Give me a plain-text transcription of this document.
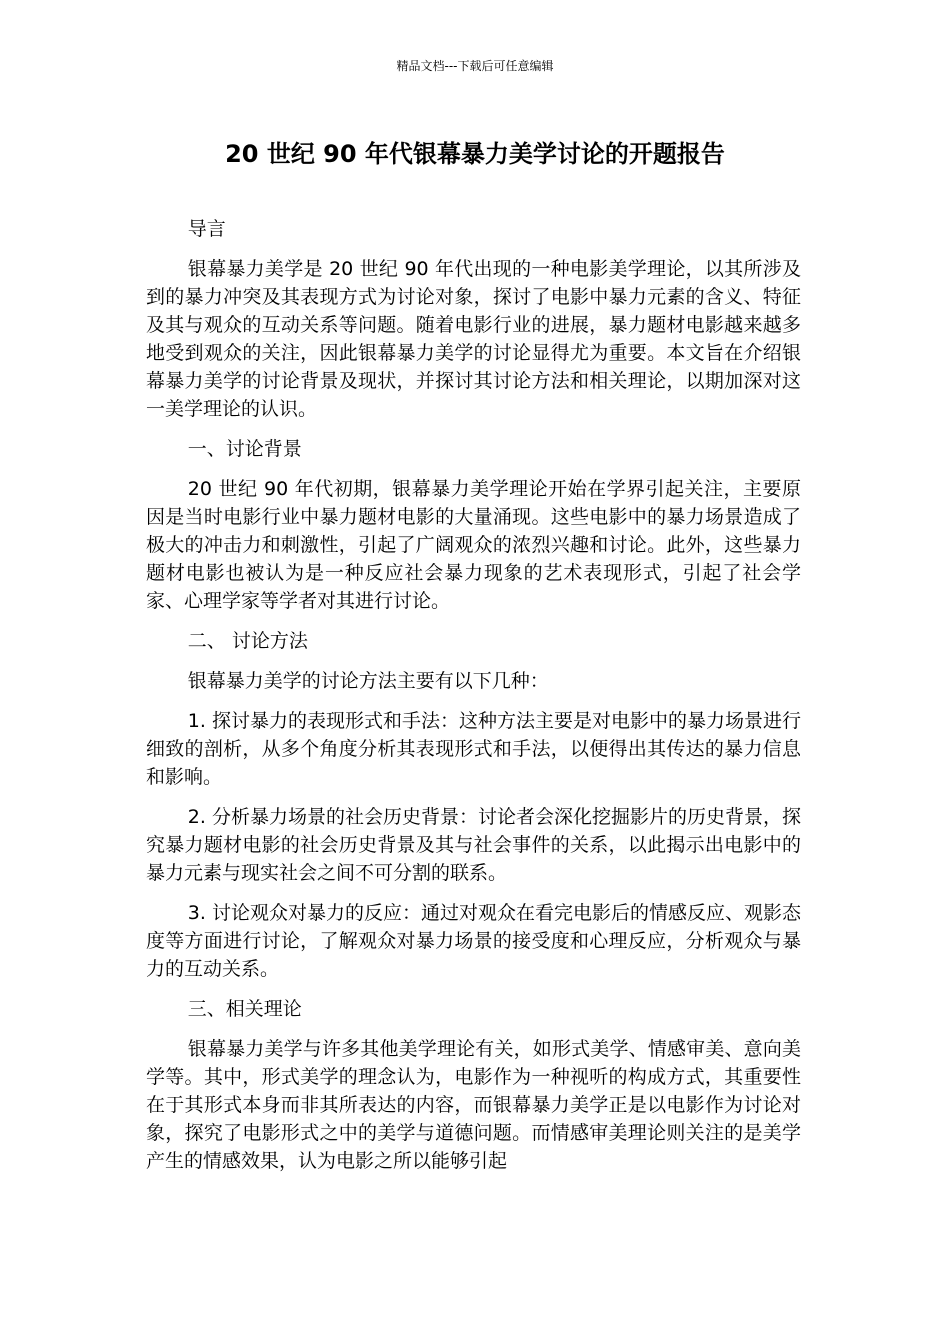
精品文档---下载后可任意编辑
20 世纪 90 年代银幕暴力美学讨论的开题报告

导言

银幕暴力美学是 20 世纪 90 年代出现的一种电影美学理论，以其所涉及到的暴力冲突及其表现方式为讨论对象，探讨了电影中暴力元素的含义、特征及其与观众的互动关系等问题。随着电影行业的进展，暴力题材电影越来越多地受到观众的关注，因此银幕暴力美学的讨论显得尤为重要。本文旨在介绍银幕暴力美学的讨论背景及现状，并探讨其讨论方法和相关理论，以期加深对这一美学理论的认识。

一、讨论背景

20 世纪 90 年代初期，银幕暴力美学理论开始在学界引起关注，主要原因是当时电影行业中暴力题材电影的大量涌现。这些电影中的暴力场景造成了极大的冲击力和刺激性，引起了广阔观众的浓烈兴趣和讨论。此外，这些暴力题材电影也被认为是一种反应社会暴力现象的艺术表现形式，引起了社会学家、心理学家等学者对其进行讨论。

二、 讨论方法

银幕暴力美学的讨论方法主要有以下几种：

1. 探讨暴力的表现形式和手法：这种方法主要是对电影中的暴力场景进行细致的剖析，从多个角度分析其表现形式和手法，以便得出其传达的暴力信息和影响。

2. 分析暴力场景的社会历史背景：讨论者会深化挖掘影片的历史背景，探究暴力题材电影的社会历史背景及其与社会事件的关系，以此揭示出电影中的暴力元素与现实社会之间不可分割的联系。

3. 讨论观众对暴力的反应：通过对观众在看完电影后的情感反应、观影态度等方面进行讨论，了解观众对暴力场景的接受度和心理反应，分析观众与暴力的互动关系。

三、相关理论

银幕暴力美学与许多其他美学理论有关，如形式美学、情感审美、意向美学等。其中，形式美学的理念认为，电影作为一种视听的构成方式，其重要性在于其形式本身而非其所表达的内容，而银幕暴力美学正是以电影作为讨论对象，探究了电影形式之中的美学与道德问题。而情感审美理论则关注的是美学产生的情感效果，认为电影之所以能够引起
